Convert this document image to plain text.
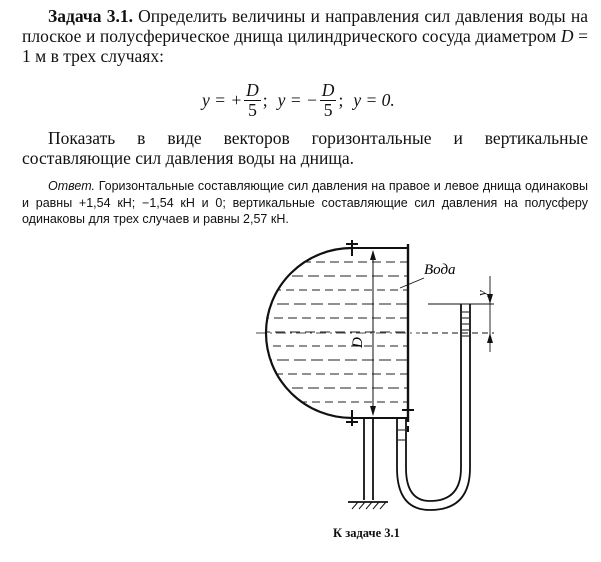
Задача 3.1. Определить величины и направления сил давления воды на плоское и полусферическое днища цилиндрического сосуда диаметром D = 1 м в трех случаях:

y = + $\frac{D}{5}$ ; y = − $\frac{D}{5}$ ; y = 0.

Показать в виде векторов горизонтальные и вертикальные составляющие сил давления воды на днища.

Ответ. Горизонтальные составляющие сил давления на правое и левое днища одинаковы и равны +1,54 кН; −1,54 кН и 0; вертикальные составляющие сил давления на полусферу одинаковы для трех случаев и равны 2,57 кН.

D
Вода
y
К задаче 3.1
